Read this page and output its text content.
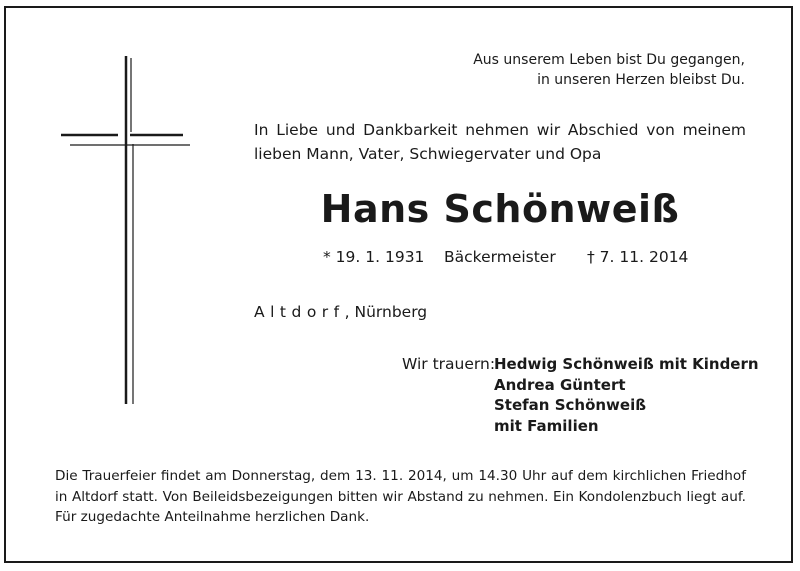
Aus unserem Leben bist Du gegangen,
in unseren Herzen bleibst Du.
In Liebe und Dankbarkeit nehmen wir Abschied von meinem lieben Mann, Vater, Schwiegervater und Opa
Hans Schönweiß
* 19. 1. 1931 Bäckermeister † 7. 11. 2014
Altdorf, Nürnberg
Wir trauern:
Hedwig Schönweiß mit Kindern
Andrea Güntert
Stefan Schönweiß
mit Familien
Die Trauerfeier findet am Donnerstag, dem 13. 11. 2014, um 14.30 Uhr auf dem kirchlichen Friedhof in Altdorf statt. Von Beileidsbezeigungen bitten wir Abstand zu nehmen. Ein Kondolenzbuch liegt auf. Für zugedachte Anteilnahme herzlichen Dank.
